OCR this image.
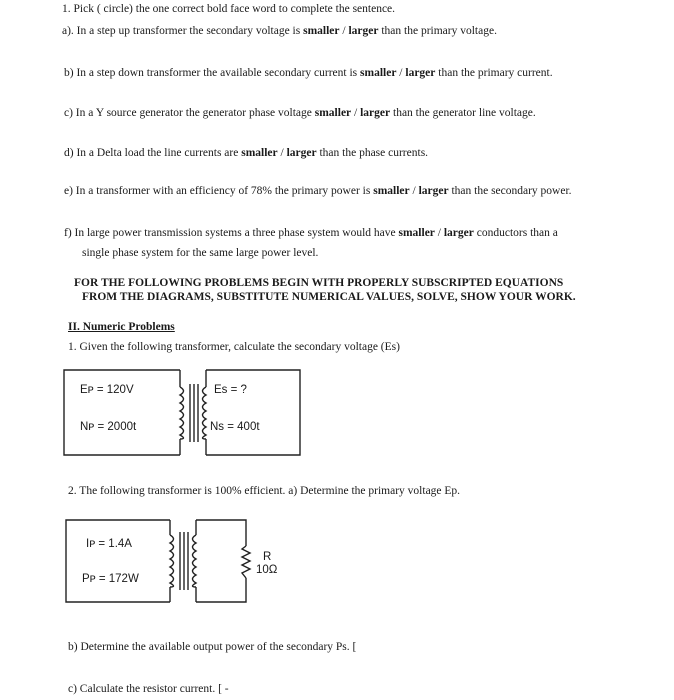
1. Pick ( circle) the one correct bold face word to complete the sentence.
a). In a step up transformer the secondary voltage is smaller / larger than the primary voltage.
b) In a step down transformer the available secondary current is smaller / larger than the primary current.
c) In a Y source generator the generator phase voltage smaller / larger than the generator line voltage.
d) In a Delta load the line currents are smaller / larger than the phase currents.
e) In a transformer with an efficiency of 78% the primary power is smaller / larger than the secondary power.
f) In large power transmission systems a three phase system would have smaller / larger conductors than a
single phase system for the same large power level.
FOR THE FOLLOWING PROBLEMS BEGIN WITH PROPERLY SUBSCRIPTED EQUATIONS
FROM THE DIAGRAMS, SUBSTITUTE NUMERICAL VALUES, SOLVE, SHOW YOUR WORK.
II. Numeric Problems
1. Given the following transformer, calculate the secondary voltage (Es)
Eᴘ = 120V	Eѕ = ?
Nᴘ = 2000t	Nѕ = 400t
2. The following transformer is 100% efficient. a) Determine the primary voltage Ep.
Iᴘ = 1.4A
Pᴘ = 172W
R
10Ω
b) Determine the available output power of the secondary Ps. [
c) Calculate the resistor current. [ -
